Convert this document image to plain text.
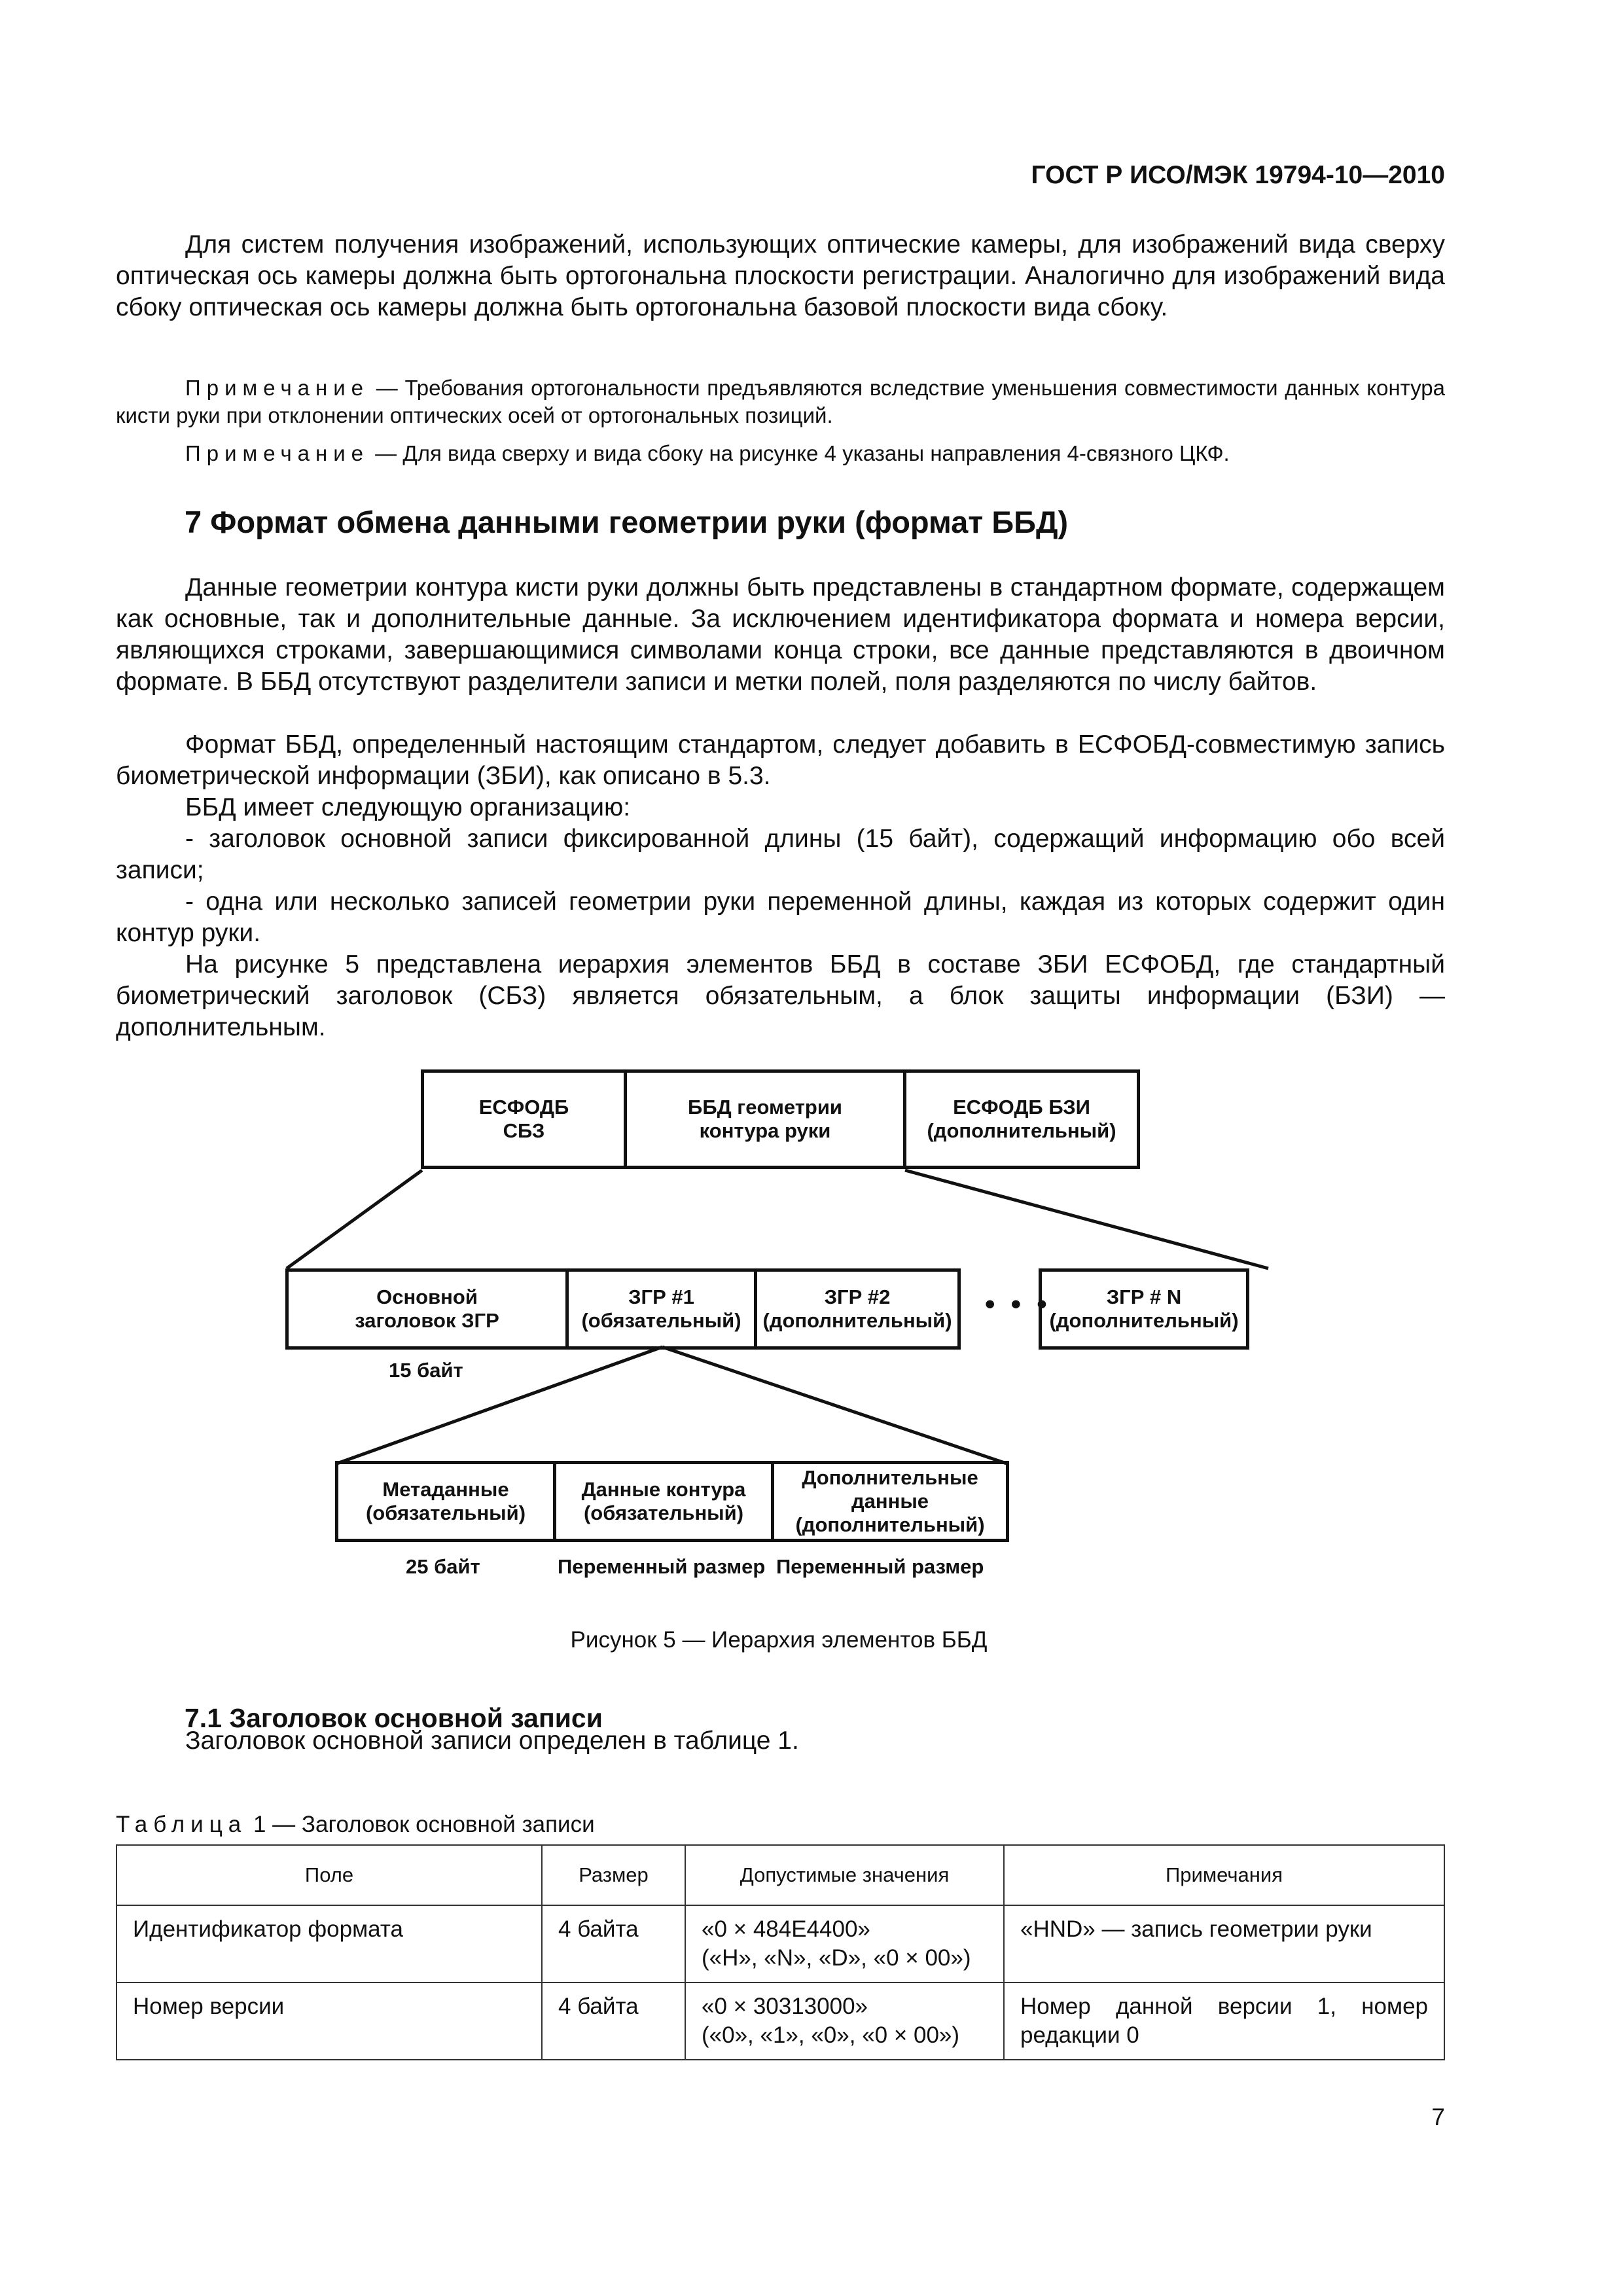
ГОСТ Р ИСО/МЭК 19794-10—2010
Для систем получения изображений, использующих оптические камеры, для изображений вида сверху оптическая ось камеры должна быть ортогональна плоскости регистрации. Аналогично для изображений вида сбоку оптическая ось камеры должна быть ортогональна базовой плоскости вида сбоку.
Примечание — Требования ортогональности предъявляются вследствие уменьшения совместимости данных контура кисти руки при отклонении оптических осей от ортогональных позиций.
Примечание — Для вида сверху и вида сбоку на рисунке 4 указаны направления 4-связного ЦКФ.
7 Формат обмена данными геометрии руки (формат ББД)
Данные геометрии контура кисти руки должны быть представлены в стандартном формате, содержащем как основные, так и дополнительные данные. За исключением идентификатора формата и номера версии, являющихся строками, завершающимися символами конца строки, все данные представляются в двоичном формате. В ББД отсутствуют разделители записи и метки полей, поля разделяются по числу байтов.
Формат ББД, определенный настоящим стандартом, следует добавить в ЕСФОБД-совместимую запись биометрической информации (ЗБИ), как описано в 5.3.
ББД имеет следующую организацию:
- заголовок основной записи фиксированной длины (15 байт), содержащий информацию обо всей записи;
- одна или несколько записей геометрии руки переменной длины, каждая из которых содержит один контур руки.
На рисунке 5 представлена иерархия элементов ББД в составе ЗБИ ЕСФОБД, где стандартный биометрический заголовок (СБЗ) является обязательным, а блок защиты информации (БЗИ) — дополнительным.
ЕСФОДБ
СБЗ
ББД геометрии
контура руки
ЕСФОДБ БЗИ
(дополнительный)
Основной
заголовок ЗГР
ЗГР #1
(обязательный)
ЗГР #2
(дополнительный)
• • •	ЗГР # N
(дополнительный)
15 байт
Метаданные
(обязательный)
Данные контура
(обязательный)
Дополнительные
данные
(дополнительный)
25 байт	Переменный размер Переменный размер
Рисунок 5 — Иерархия элементов ББД
7.1 Заголовок основной записи
Заголовок основной записи определен в таблице 1.
Таблица 1 — Заголовок основной записи
Поле	Размер	Допустимые значения	Примечания
Идентификатор формата	4 байта	«0 × 484E4400»
(«H», «N», «D», «0 × 00»)	«HND» — запись геометрии руки
Номер версии	4 байта	«0 × 30313000»
(«0», «1», «0», «0 × 00»)	Номер данной версии 1, номер редакции 0
7
